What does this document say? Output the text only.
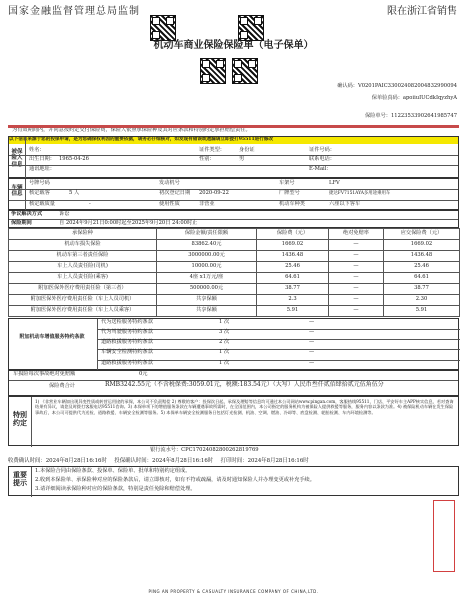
国家金融监督管理总局监制	限在浙江省销售
机动车商业保险保险单（电子保单）
确认码：V0201PAIC33002408200483299009​4
保单验真码：apoiiuIUCdkIqyzhyA
保险单号：11223533902641985747
为有效期间内，并同意按约定交付保险费，保险人依照承保险种及其对应条款和特别约定承担赔偿责任。
以下信息来源于您的投保申请，是为您确保权利因的重要依据，请务必仔细核对，如发现有错误或遗漏请立即拨打95511进行修改
被保险人信息
姓名：	证件类型：	身份证	证件号码：
出生日期： 1965-04-26	性别：	男	联系电话：
通讯地址：	E-Mail：
车辆信息
号牌号码	发动机号	车架号	LFV
核定载客	5 人	初次登记日期 2020-09-22	厂牌型号	捷达FV7151AYA多用途乘用车
核定载质量	-	使用性质	非营业	机动车种类	六座以下客车
争议解决方式	诉讼
保险期间	自 2024年9月21日0:00时起至2025年9月20日 24:00时止
承保险种	保险金额/责任限额	保险费（元）	绝对免赔率	应交保险费（元）
机动车损失保险	83862.40元	1669.02	—	1669.02
机动车第三者责任保险	3000000.00元	1436.48	—	1436.48
车上人员责任险(司机)	10000.00元	25.46	—	25.46
车上人员责任险(乘客)	4座 x1万元/座	64.61	—	64.61
附加医保外医疗费用责任险（第三者）	500000.00元	38.77	—	38.77
附加医保外医疗费用责任险（车上人员司机）	共享保额	2.3	—	2.30
附加医保外医疗费用责任险（车上人员乘客）	共享保额	5.91	—	5.91
附加机动车增值服务特约条款
代为送检服务特约条款	1 次	—
代为驾驶服务特约条款	3 次	—
道路救援服务特约条款	2 次	—
车辆安全检测特约条款	1 次	—
道路救援服务特约条款	1 次	—
车损险每次事故绝对免赔额	0元
保险费合计	RMB3242.55元（不含税保费:3059.01元，税额:183.54元）（大写）人民币叁仟贰佰肆拾贰元伍角伍分
特别约定
1) 《非营业车辆如出现异变性质或转营运用途的承保，本公司不负责赔偿 2) 尊敬的客户：投保次日起，承保及理赔等信息均可通过本公司网站www.pingan.com，客服热线95511，门店、平安好车主APP核实信息，若对查询结果有异议，请您及时拨打客服电话95511咨询。3) 本保单项下的增值服务条款在车辆遭遇事故所需时，在全国范围内，本公司指定的服务机构为被保险人提供救援等服务，服务内容以条款为准。4) 被保险机动车辆在发生保险事故后，本公司可提供代为送检、道路救援、车辆安全检测等服务。5) 本保单车辆安全检测服务日包括灯光检测、机油、空调、燃油、冷却等、底盘检测、轮胎检测、车内环境检测等。
银行流水号：CPC17024082800262819769
收费确认时间：2024年8月28日16:16时 投保确认时间：2024年8月28日16:16时 打印时间：2024年8月28日16:16时
重要提示
1.本保险合同由保险条款、投保单、保险单、批单和特别约定组成。
2.收到本保险单、承保险种对应的保险条款后，请立即核对，如有不符或疏漏，请及时通知保险人并办理变更或补充手续。
3.请详细阅读承保险种对应的保险条款，特别是责任免除和赔偿处理。
PING AN PROPERTY & CASUALTY INSURANCE COMPANY OF CHINA,LTD.
